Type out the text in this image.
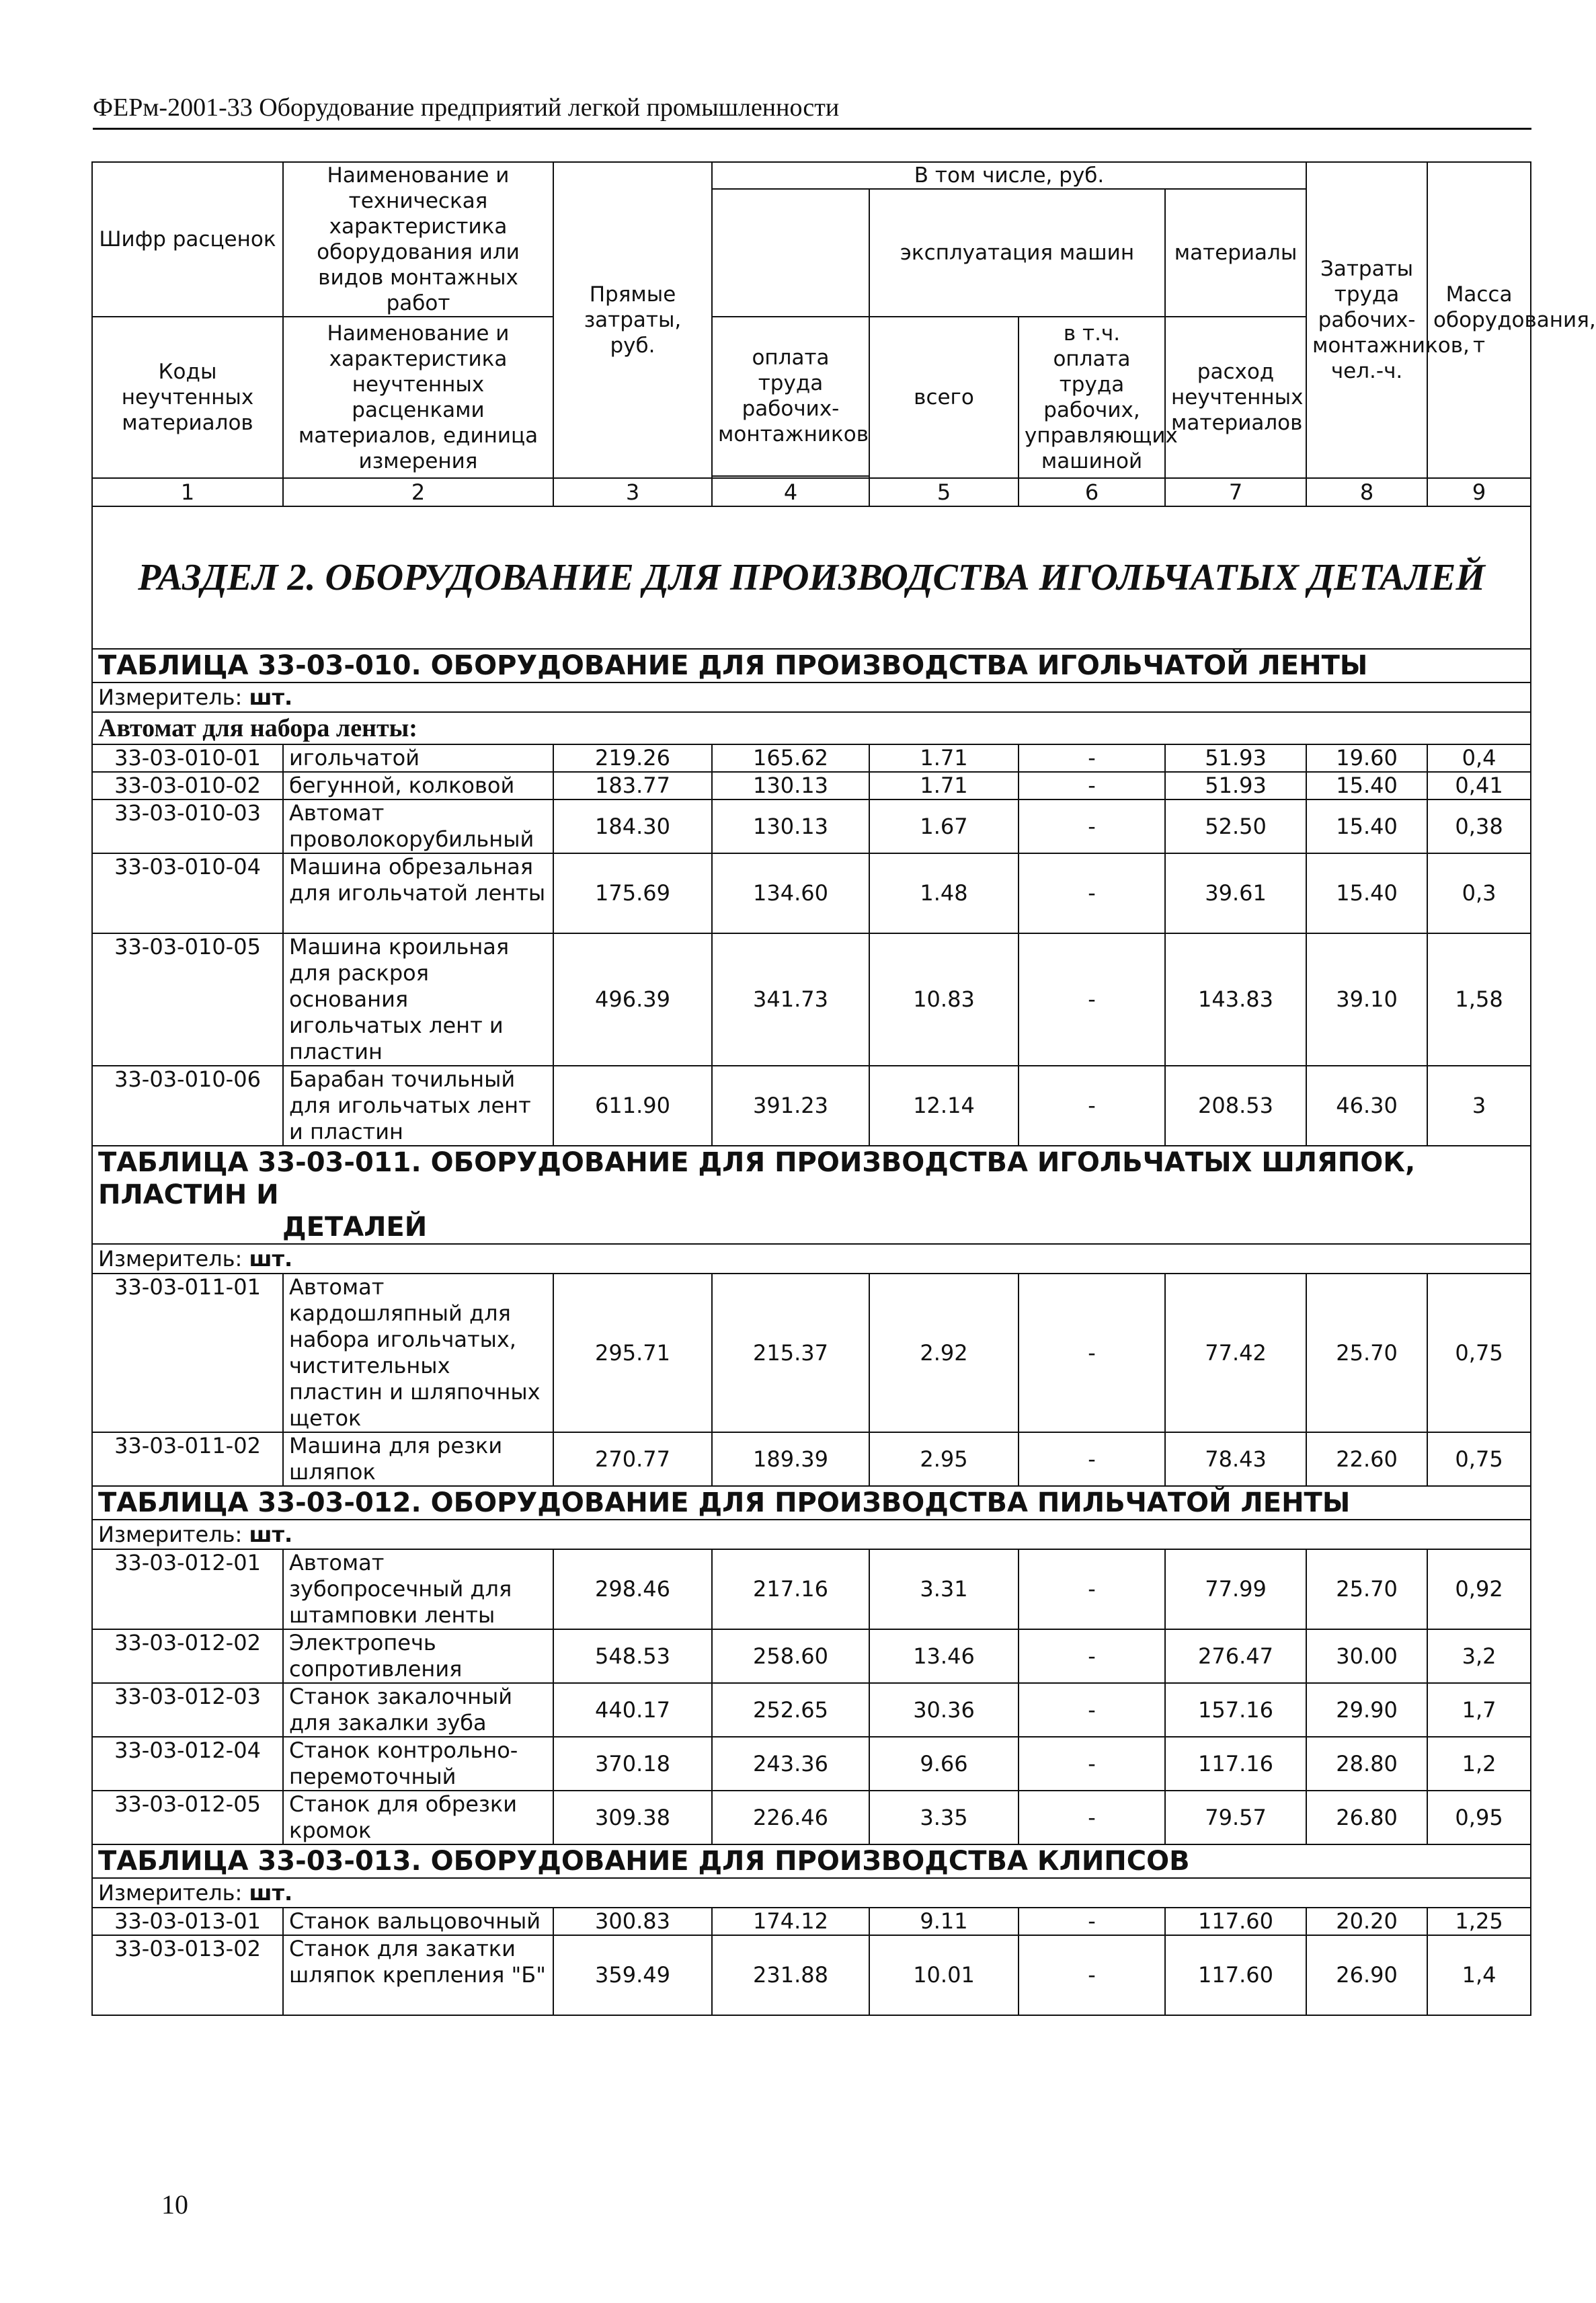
ФЕРм-2001-33 Оборудование предприятий легкой промышленности
Шифр расценок	Наименование и техническая характеристика оборудования или видов монтажных работ	Прямые затраты, руб.	В том числе, руб.				Затраты труда рабочих-монтажников, чел.-ч.	Масса оборудования, т
				эксплуатация машин		материалы		

Коды неучтенных материалов	Наименование и характеристика неучтенных расценками материалов, единица измерения		оплата труда рабочих-монтажников	всего	в т.ч. оплата труда рабочих, управляющих машиной	расход неучтенных материалов		

1	2	3	4	5	6	7	8	9

РАЗДЕЛ 2. ОБОРУДОВАНИЕ ДЛЯ ПРОИЗВОДСТВА ИГОЛЬЧАТЫХ ДЕТАЛЕЙ								

ТАБЛИЦА 33-03-010. ОБОРУДОВАНИЕ ДЛЯ ПРОИЗВОДСТВА ИГОЛЬЧАТОЙ ЛЕНТЫ								
Измеритель: шт.								
Автомат для набора ленты:								
33-03-010-01	игольчатой	219.26	165.62	1.71	-	51.93	19.60	0,4
33-03-010-02	бегунной, колковой	183.77	130.13	1.71	-	51.93	15.40	0,41
33-03-010-03	Автомат проволокорубильный	184.30	130.13	1.67	-	52.50	15.40	0,38
33-03-010-04	Машина обрезальная для игольчатой ленты	175.69	134.60	1.48	-	39.61	15.40	0,3
33-03-010-05	Машина кроильная для раскроя основания игольчатых лент и пластин	496.39	341.73	10.83	-	143.83	39.10	1,58
33-03-010-06	Барабан точильный для игольчатых лент и пластин	611.90	391.23	12.14	-	208.53	46.30	3
ТАБЛИЦА 33-03-011. ОБОРУДОВАНИЕ ДЛЯ ПРОИЗВОДСТВА ИГОЛЬЧАТЫХ ШЛЯПОК, ПЛАСТИН И
ДЕТАЛЕЙ								
Измеритель: шт.								
33-03-011-01	Автомат кардошляпный для набора игольчатых, чистительных пластин и шляпочных щеток	295.71	215.37	2.92	-	77.42	25.70	0,75
33-03-011-02	Машина для резки шляпок	270.77	189.39	2.95	-	78.43	22.60	0,75
ТАБЛИЦА 33-03-012. ОБОРУДОВАНИЕ ДЛЯ ПРОИЗВОДСТВА ПИЛЬЧАТОЙ ЛЕНТЫ								
Измеритель: шт.								
33-03-012-01	Автомат зубопросечный для штамповки ленты	298.46	217.16	3.31	-	77.99	25.70	0,92
33-03-012-02	Электропечь сопротивления	548.53	258.60	13.46	-	276.47	30.00	3,2
33-03-012-03	Станок закалочный для закалки зуба	440.17	252.65	30.36	-	157.16	29.90	1,7
33-03-012-04	Станок контрольно-перемоточный	370.18	243.36	9.66	-	117.16	28.80	1,2
33-03-012-05	Станок для обрезки кромок	309.38	226.46	3.35	-	79.57	26.80	0,95
ТАБЛИЦА 33-03-013. ОБОРУДОВАНИЕ ДЛЯ ПРОИЗВОДСТВА КЛИПСОВ								
Измеритель: шт.								
33-03-013-01	Станок вальцовочный	300.83	174.12	9.11	-	117.60	20.20	1,25
33-03-013-02	Станок для закатки шляпок крепления "Б"	359.49	231.88	10.01	-	117.60	26.90	1,4
10
